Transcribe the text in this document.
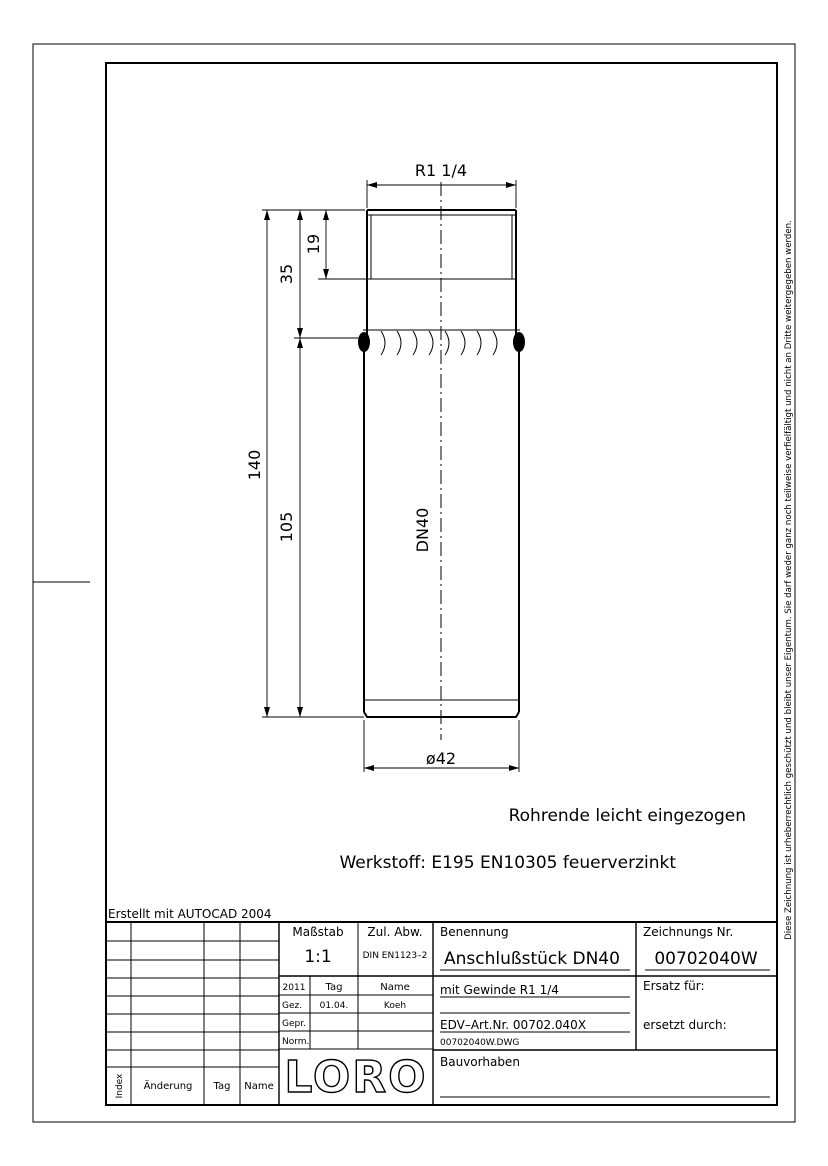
Diese Zeichnung ist urheberrechtlich geschützt und bleibt unser Eigentum. Sie darf weder ganz noch teilweise verfielfältigt und nicht an Dritte weitergegeben werden.
R1 1/4
19
35
105
140
DN40
ø42
Rohrende leicht eingezogen
Werkstoff: E195 EN10305 feuerverzinkt
Erstellt mit AUTOCAD 2004
Index Änderung Tag Name
Maßstab
1:1
Zul. Abw.
DIN EN1123–2
2011 Tag	Name
Gez. 01.04.	Koeh
Gepr.
Norm.
LORO
Benennung
Anschlußstück DN40
Zeichnungs Nr.
00702040W
mit Gewinde R1 1/4	Ersatz für:
ersetzt durch:
EDV–Art.Nr. 00702.040X
00702040W.DWG
Bauvorhaben
